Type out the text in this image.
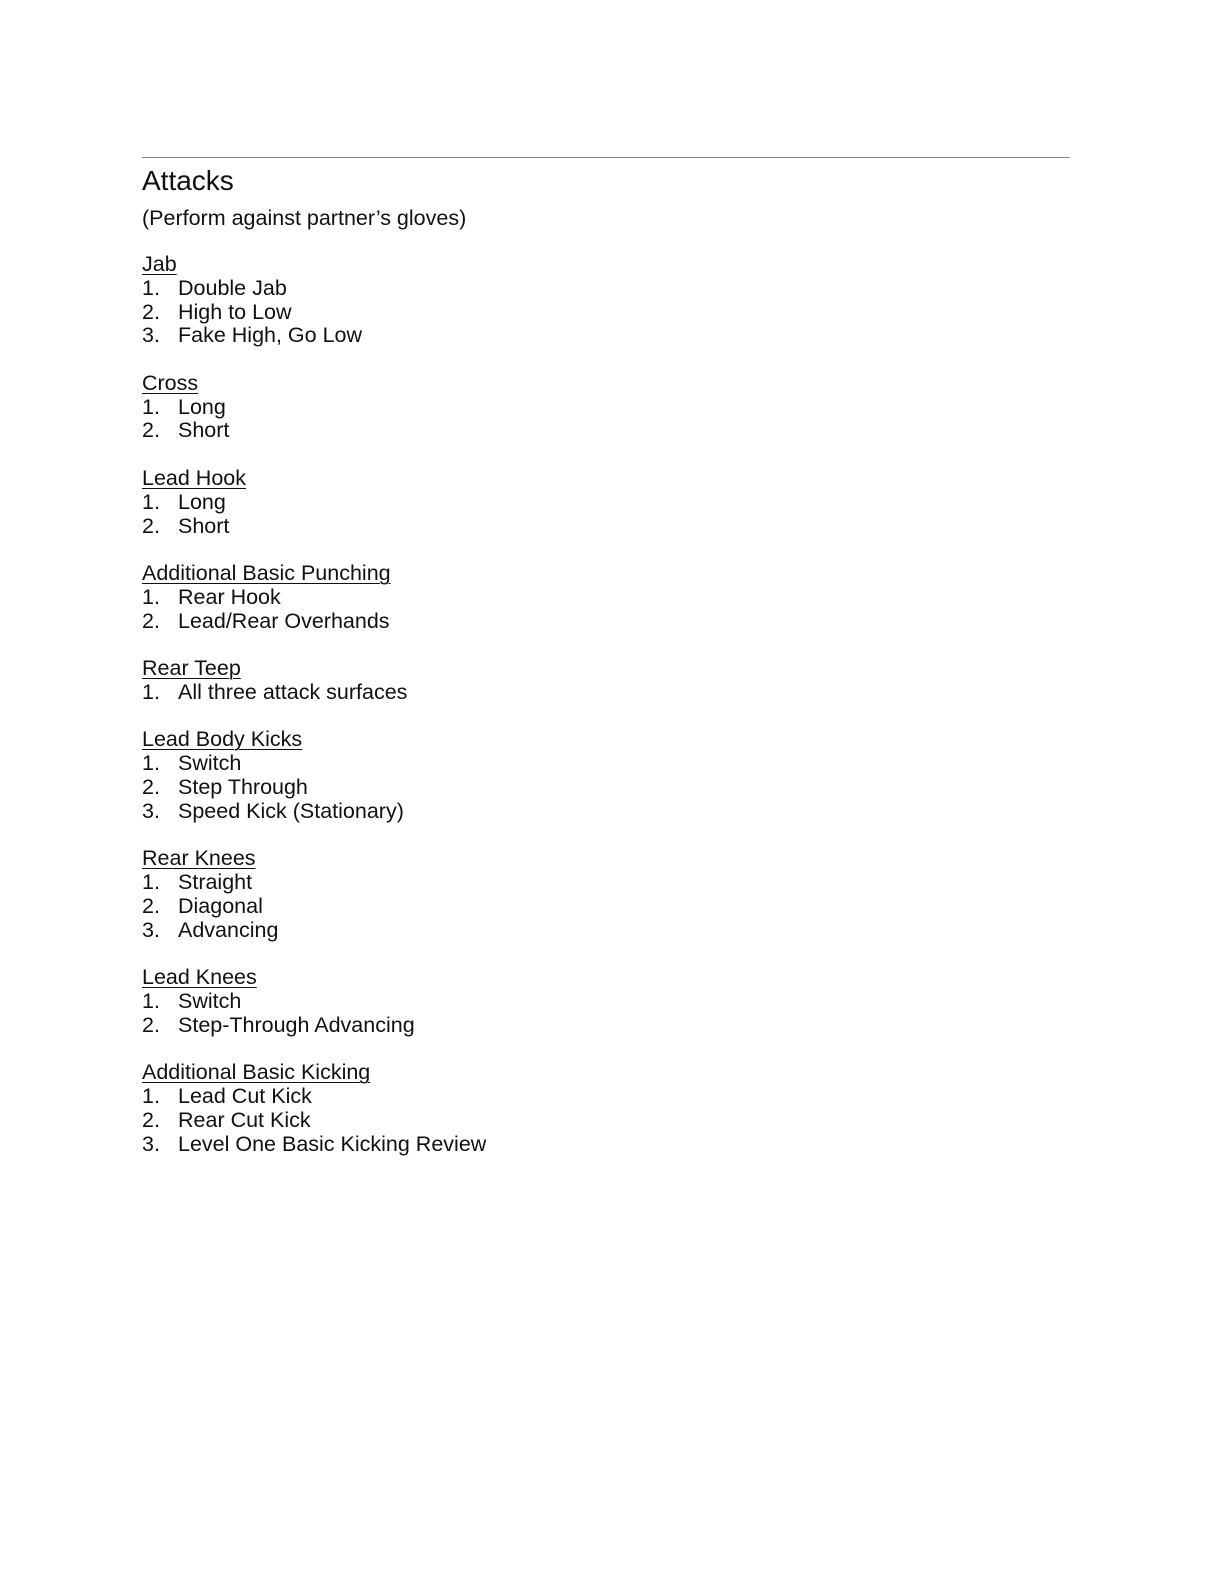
Attacks

(Perform against partner’s gloves)

Jab
1. Double Jab
2. High to Low
3. Fake High, Go Low
Cross
1. Long
2. Short
Lead Hook
1. Long
2. Short
Additional Basic Punching
1. Rear Hook
2. Lead/Rear Overhands
Rear Teep
1. All three attack surfaces
Lead Body Kicks
1. Switch
2. Step Through
3. Speed Kick (Stationary)
Rear Knees
1. Straight
2. Diagonal
3. Advancing
Lead Knees
1. Switch
2. Step-Through Advancing
Additional Basic Kicking
1. Lead Cut Kick
2. Rear Cut Kick
3. Level One Basic Kicking Review
